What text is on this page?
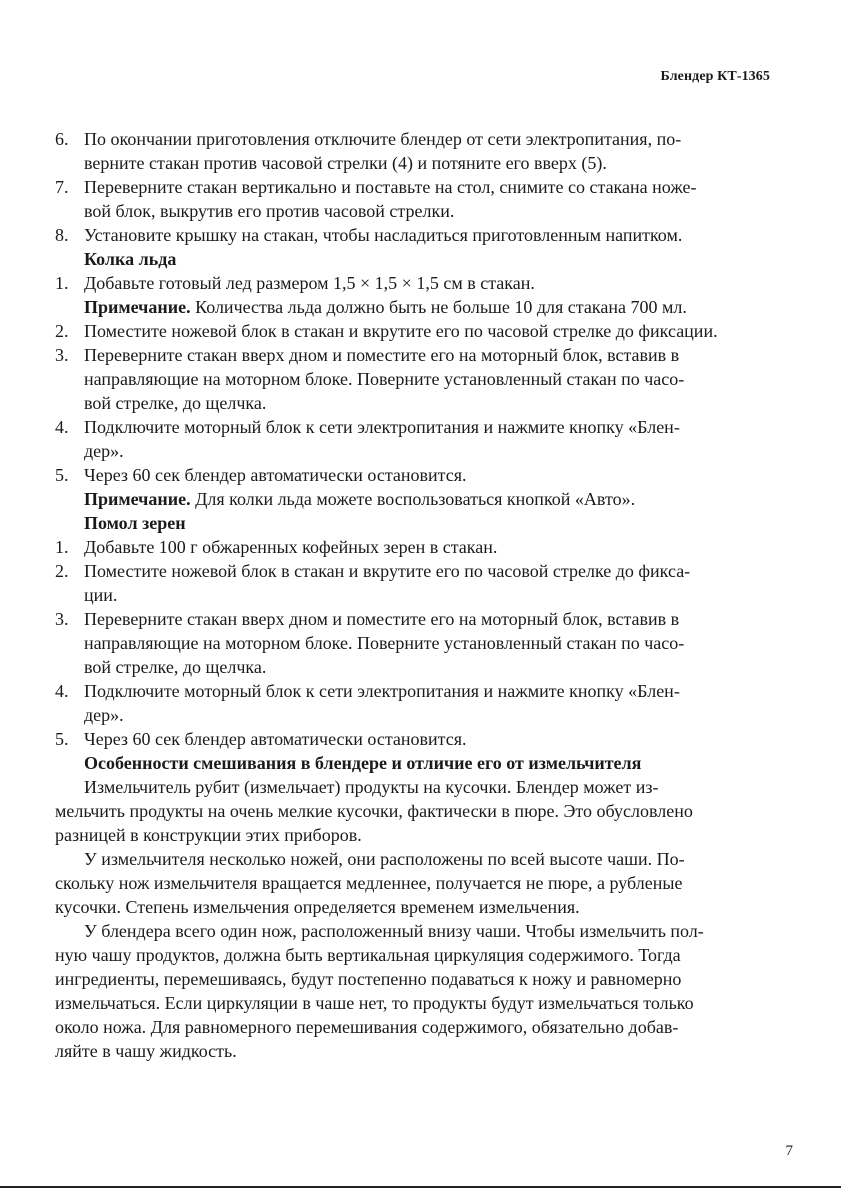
Блендер КТ-1365
6. По окончании приготовления отключите блендер от сети электропитания, по-
верните стакан против часовой стрелки (4) и потяните его вверх (5).
7. Переверните стакан вертикально и поставьте на стол, снимите со стакана ноже-
вой блок, выкрутив его против часовой стрелки.
8. Установите крышку на стакан, чтобы насладиться приготовленным напитком.
Колка льда
1. Добавьте готовый лед размером 1,5 × 1,5 × 1,5 см в стакан.
Примечание. Количества льда должно быть не больше 10 для стакана 700 мл.
2. Поместите ножевой блок в стакан и вкрутите его по часовой стрелке до фиксации.
3. Переверните стакан вверх дном и поместите его на моторный блок, вставив в
направляющие на моторном блоке. Поверните установленный стакан по часо-
вой стрелке, до щелчка.
4. Подключите моторный блок к сети электропитания и нажмите кнопку «Блен-
дер».
5. Через 60 сек блендер автоматически остановится.
Примечание. Для колки льда можете воспользоваться кнопкой «Авто».
Помол зерен
1. Добавьте 100 г обжаренных кофейных зерен в стакан.
2. Поместите ножевой блок в стакан и вкрутите его по часовой стрелке до фикса-
ции.
3. Переверните стакан вверх дном и поместите его на моторный блок, вставив в
направляющие на моторном блоке. Поверните установленный стакан по часо-
вой стрелке, до щелчка.
4. Подключите моторный блок к сети электропитания и нажмите кнопку «Блен-
дер».
5. Через 60 сек блендер автоматически остановится.
Особенности смешивания в блендере и отличие его от измельчителя

Измельчитель рубит (измельчает) продукты на кусочки. Блендер может из-
мельчить продукты на очень мелкие кусочки, фактически в пюре. Это обусловлено
разницей в конструкции этих приборов.

У измельчителя несколько ножей, они расположены по всей высоте чаши. По-
скольку нож измельчителя вращается медленнее, получается не пюре, а рубленые
кусочки. Степень измельчения определяется временем измельчения.

У блендера всего один нож, расположенный внизу чаши. Чтобы измельчить пол-
ную чашу продуктов, должна быть вертикальная циркуляция содержимого. Тогда
ингредиенты, перемешиваясь, будут постепенно подаваться к ножу и равномерно
измельчаться. Если циркуляции в чаше нет, то продукты будут измельчаться только
около ножа. Для равномерного перемешивания содержимого, обязательно добав-
ляйте в чашу жидкость.

7
